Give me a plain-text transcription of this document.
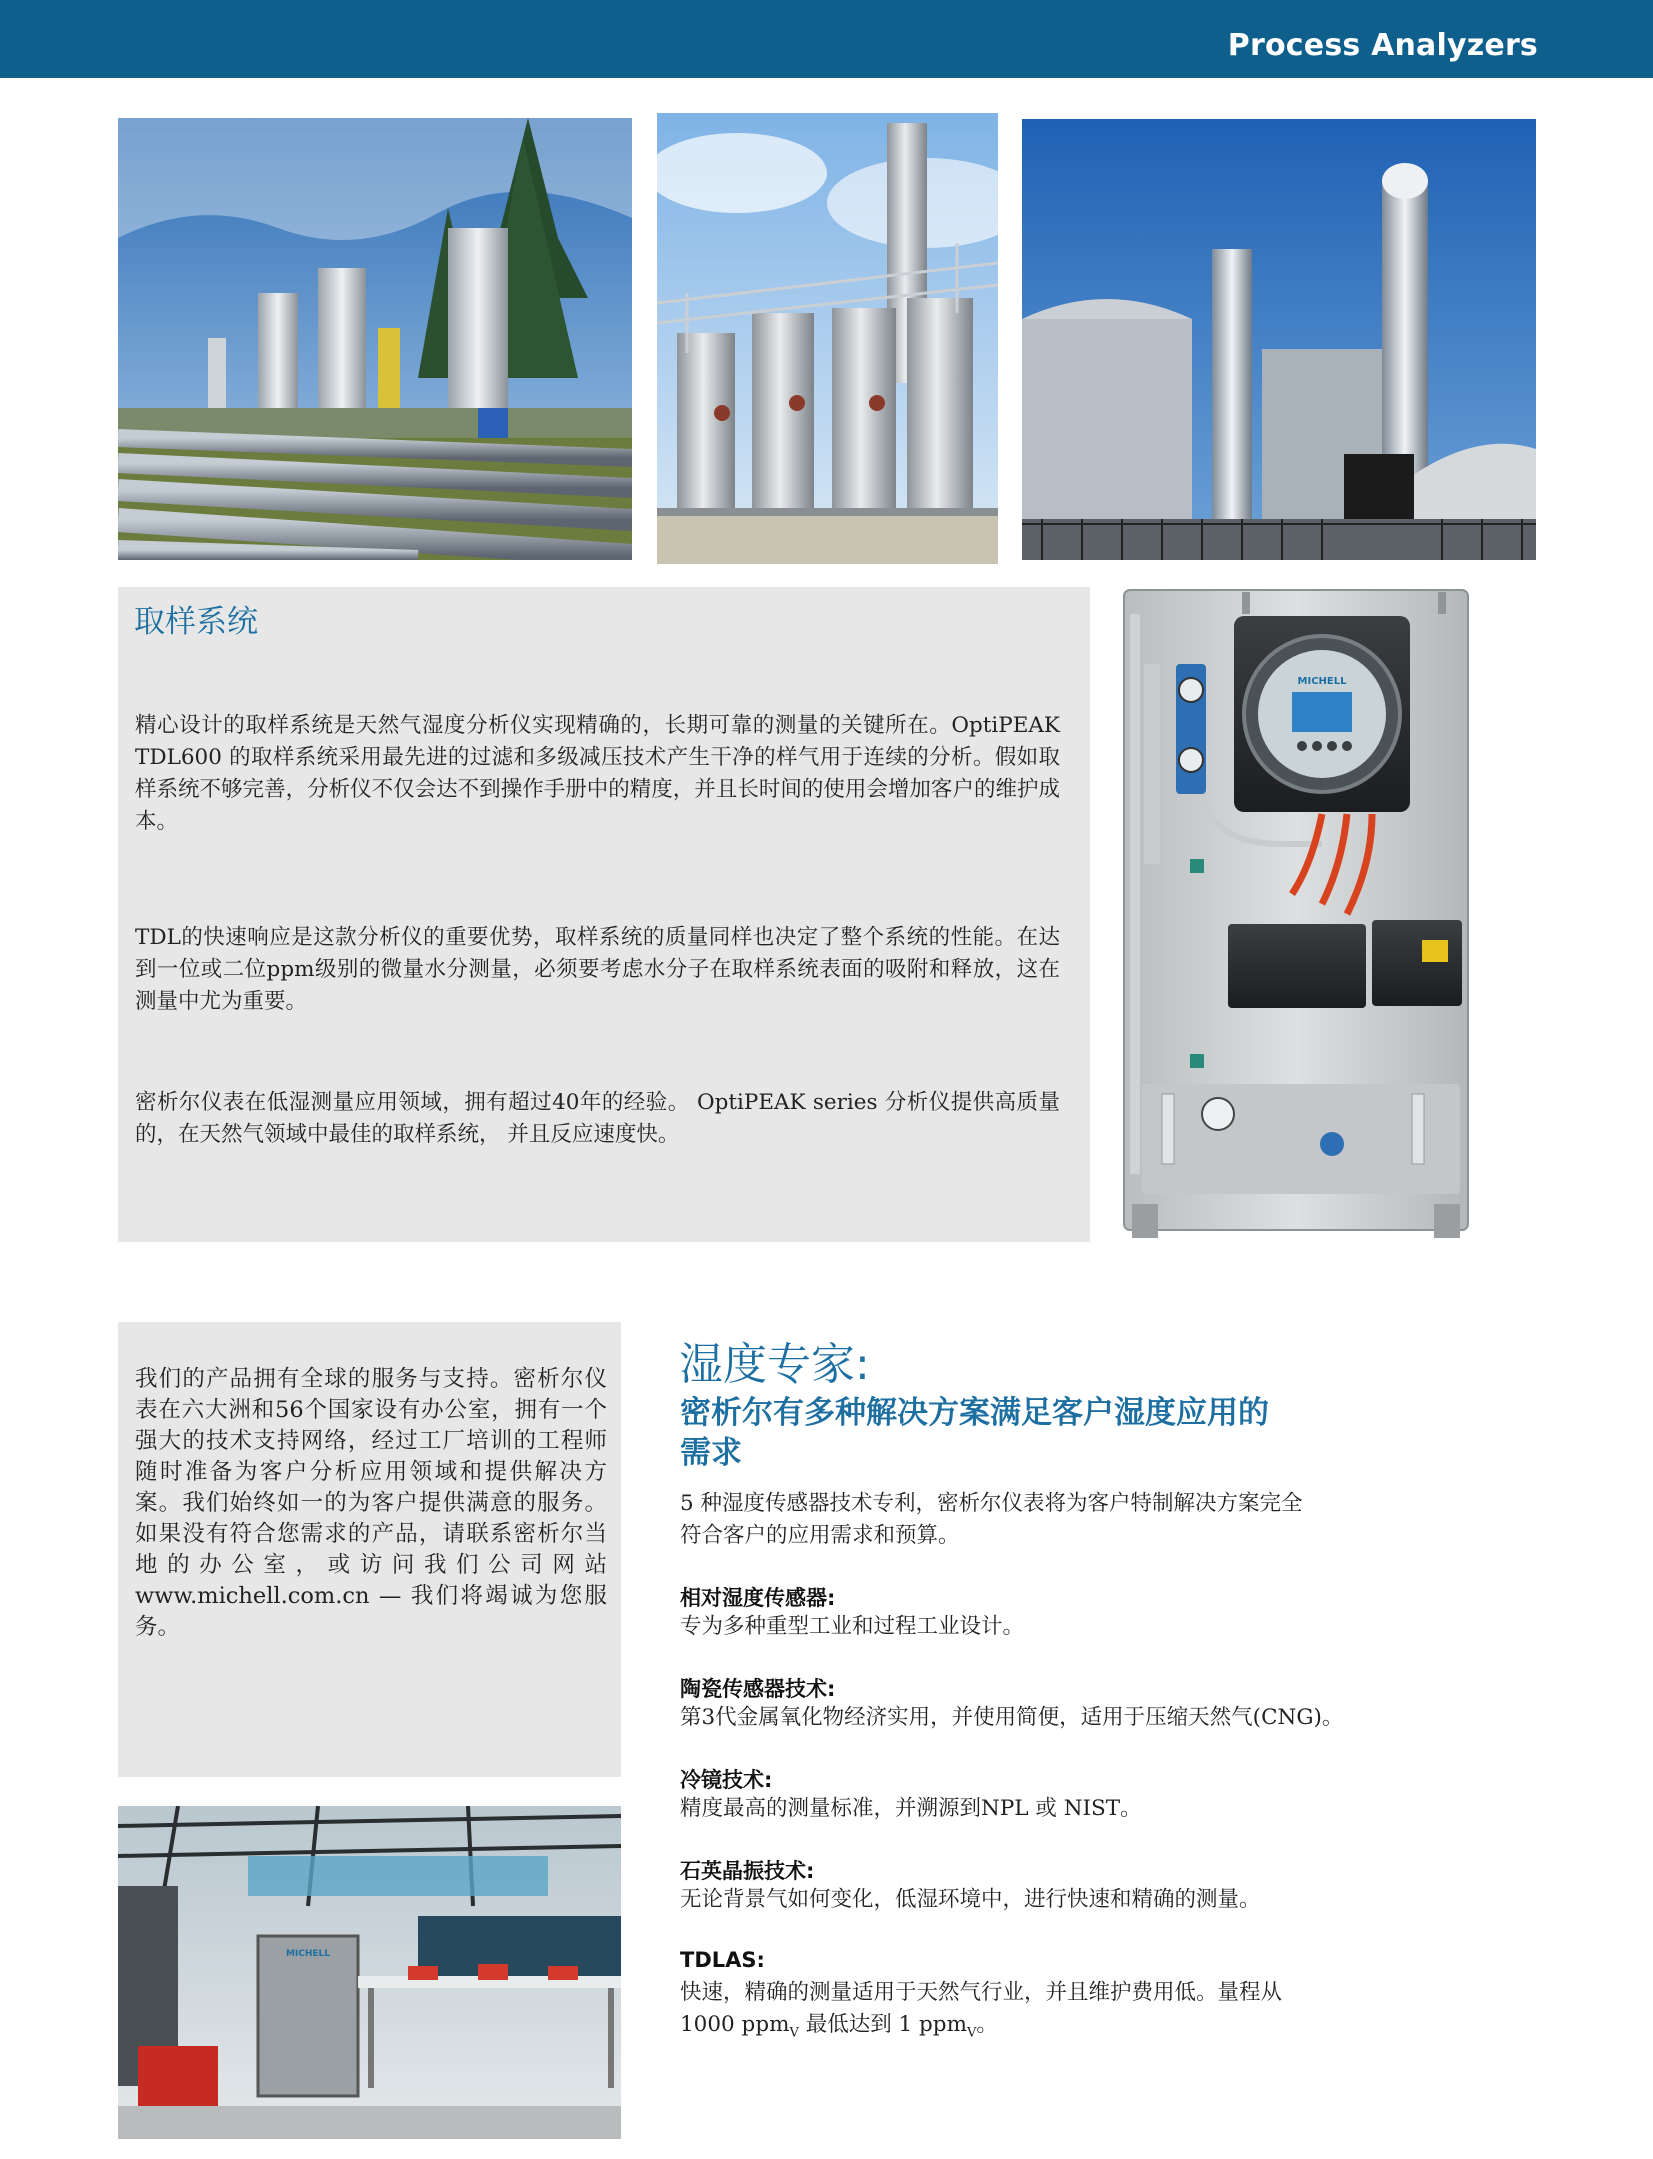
Process Analyzers
取样系统

精心设计的取样系统是天然气湿度分析仪实现精确的，长期可靠的测量的关键所在。OptiPEAK TDL600 的取样系统采用最先进的过滤和多级减压技术产生干净的样气用于连续的分析。假如取样系统不够完善，分析仪不仅会达不到操作手册中的精度，并且长时间的使用会增加客户的维护成本。

TDL的快速响应是这款分析仪的重要优势，取样系统的质量同样也决定了整个系统的性能。在达到一位或二位ppm级别的微量水分测量，必须要考虑水分子在取样系统表面的吸附和释放，这在测量中尤为重要。

密析尔仪表在低湿测量应用领域，拥有超过40年的经验。 OptiPEAK series 分析仪提供高质量的，在天然气领域中最佳的取样系统， 并且反应速度快。

MICHELL

我们的产品拥有全球的服务与支持。密析尔仪表在六大洲和56个国家设有办公室，拥有一个强大的技术支持网络，经过工厂培训的工程师随时准备为客户分析应用领域和提供解决方案。我们始终如一的为客户提供满意的服务。如果没有符合您需求的产品，请联系密析尔当地的办公室，或访问我们公司网站www.michell.com.cn — 我们将竭诚为您服务。

MICHELL
湿度专家:
密析尔有多种解决方案满足客户湿度应用的需求

5 种湿度传感器技术专利，密析尔仪表将为客户特制解决方案完全符合客户的应用需求和预算。

相对湿度传感器:
专为多种重型工业和过程工业设计。
陶瓷传感器技术:
第3代金属氧化物经济实用，并使用简便，适用于压缩天然气(CNG)。
冷镜技术:
精度最高的测量标准，并溯源到NPL 或 NIST。
石英晶振技术:
无论背景气如何变化，低湿环境中，进行快速和精确的测量。
TDLAS:
快速，精确的测量适用于天然气行业，并且维护费用低。量程从1000 ppm$_V$ 最低达到 1 ppm$_V$。
